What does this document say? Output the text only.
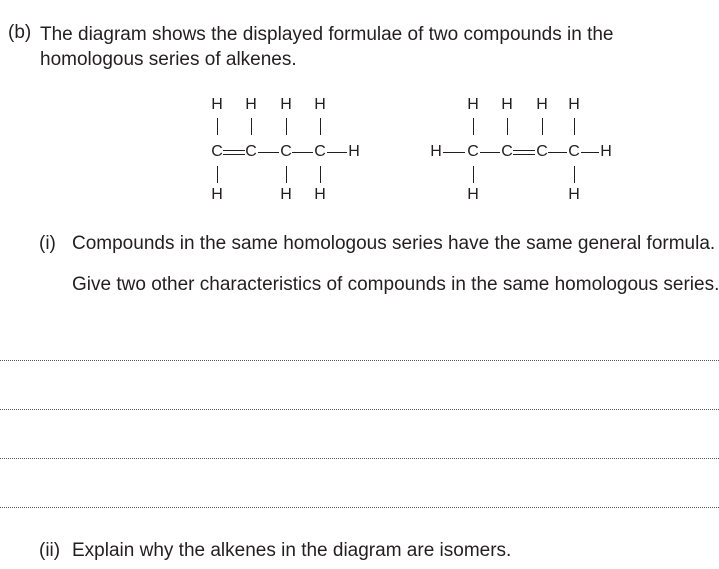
(b) The diagram shows the displayed formulae of two compounds in the homologous series of alkenes.
H H H H
C C C C H
H	H H
H H H H
H C C C C H
H	H
(i) Compounds in the same homologous series have the same general formula.
Give two other characteristics of compounds in the same homologous series.
(ii) Explain why the alkenes in the diagram are isomers.
